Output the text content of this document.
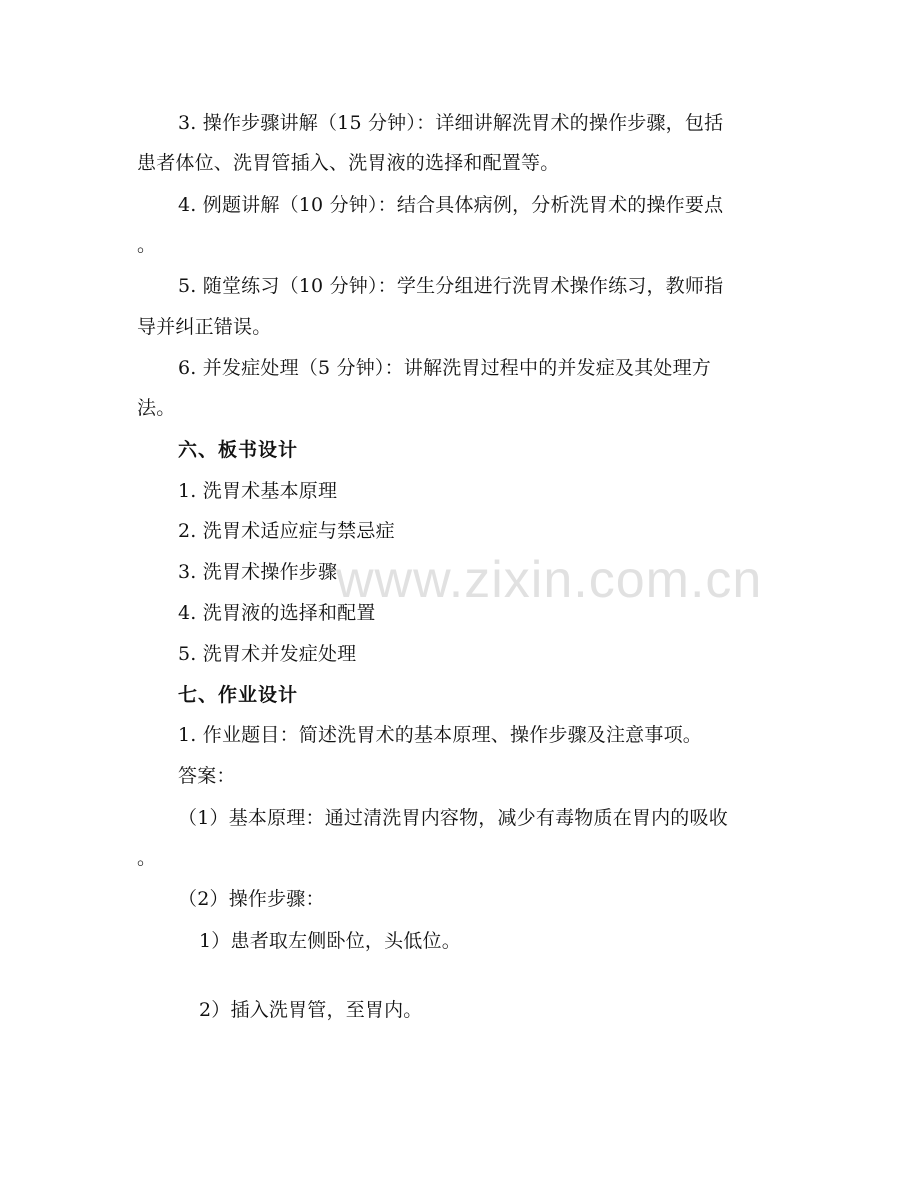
3. 操作步骤讲解（15 分钟）：详细讲解洗胃术的操作步骤，包括
患者体位、洗胃管插入、洗胃液的选择和配置等。
4. 例题讲解（10 分钟）：结合具体病例，分析洗胃术的操作要点
。
5. 随堂练习（10 分钟）：学生分组进行洗胃术操作练习，教师指
导并纠正错误。
6. 并发症处理（5 分钟）：讲解洗胃过程中的并发症及其处理方
法。
六、板书设计
1. 洗胃术基本原理
2. 洗胃术适应症与禁忌症
3. 洗胃术操作步骤
4. 洗胃液的选择和配置
5. 洗胃术并发症处理
七、作业设计
1. 作业题目：简述洗胃术的基本原理、操作步骤及注意事项。
答案：
（1）基本原理：通过清洗胃内容物，减少有毒物质在胃内的吸收
。
（2）操作步骤：
1）患者取左侧卧位，头低位。
2）插入洗胃管，至胃内。
www.zixin.com.cn
